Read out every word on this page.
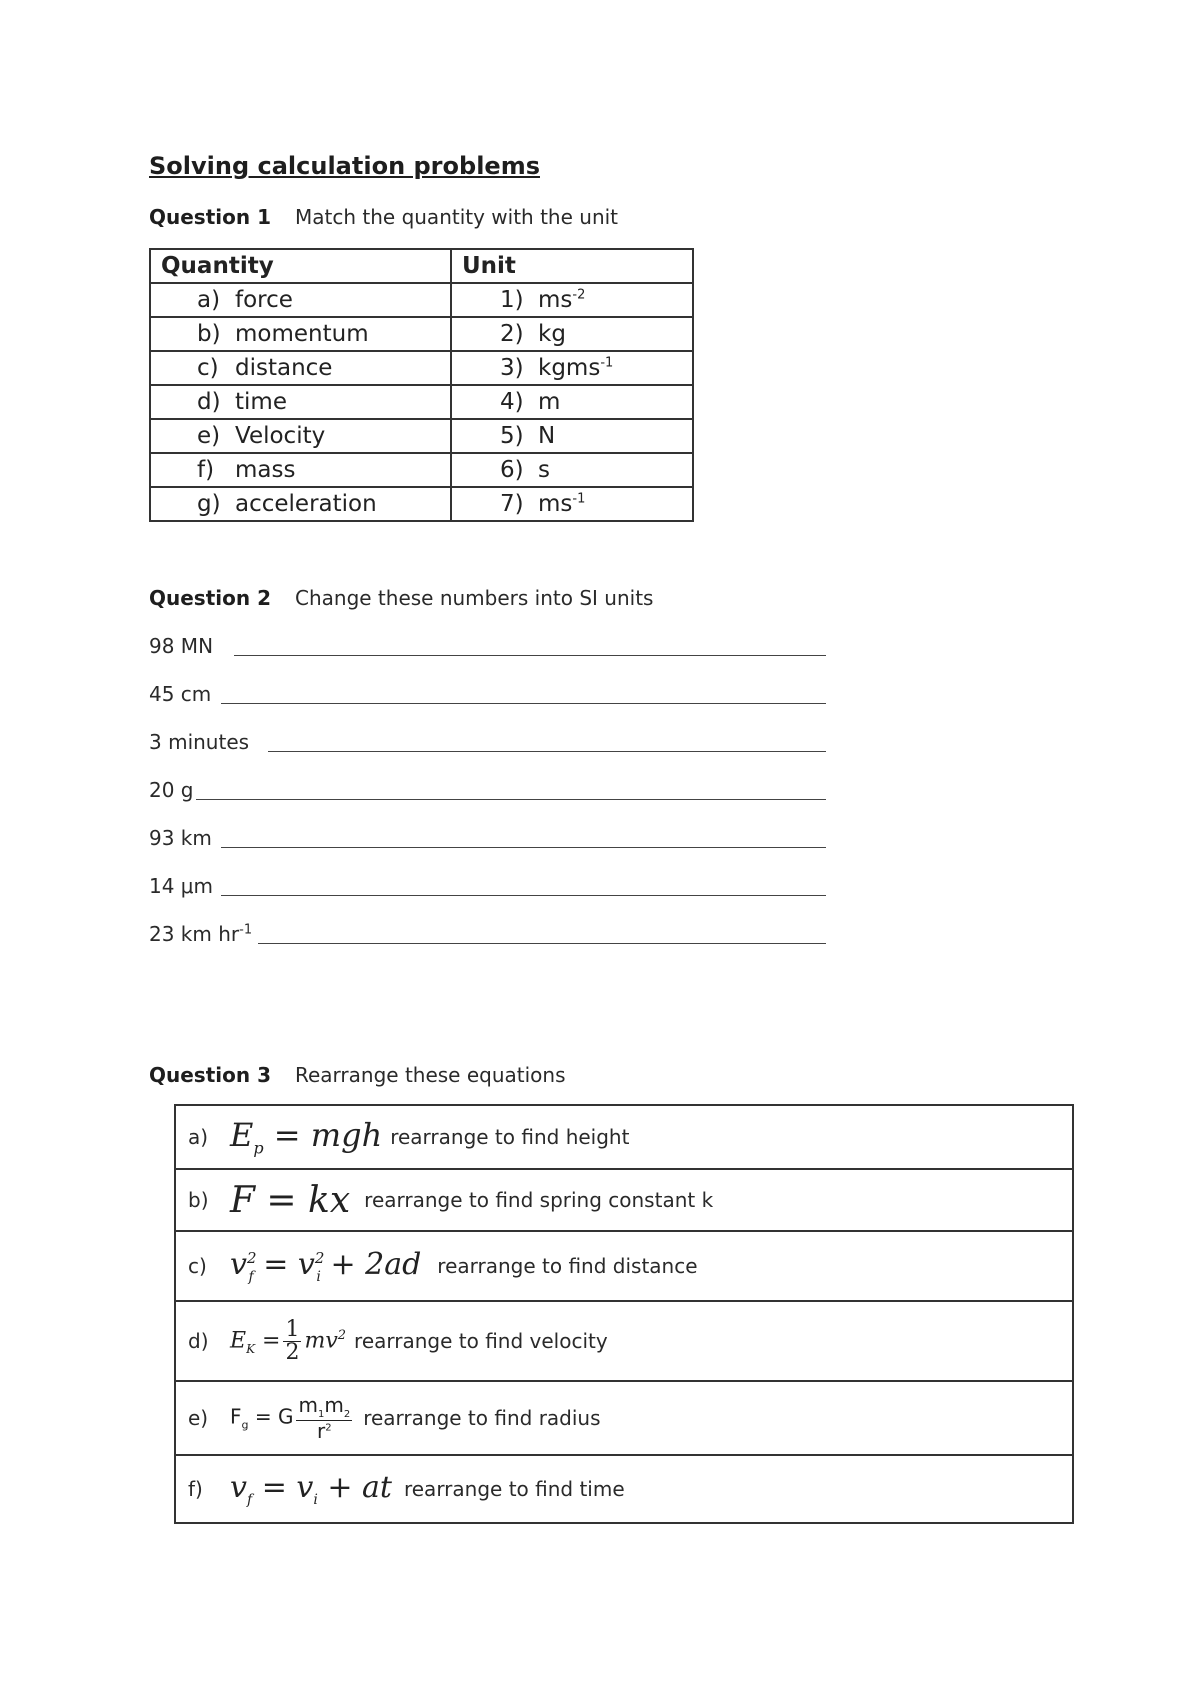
Solving calculation problems
Question 1 Match the quantity with the unit
Quantity	Unit
a) force	1) $ms^{-2}$
b) momentum	2) kg
c) distance	3) kgms$^{-1}$
d) time	4) m
e) Velocity	5) N
f) mass	6) s
g) acceleration	7) $ms^{-1}$
Question 2 Change these numbers into SI units
98 MN
45 cm
3 minutes
20 g
93 km
14 μm
23 km $hr^{-1}$
Question 3 Rearrange these equations
a) $E_p$ = mgh rearrange to find height
b) F = kx rearrange to find spring constant k
c) $v^2_f = v^2_i + 2ad$ rearrange to find distance
d) $E_K = \frac{1}{2} mv^2$ rearrange to find velocity
e)	$F_g = G \frac{m_1m_2}{r^2}$ rearrange to find radius
f) $v_f = v_i$ + at rearrange to find time
